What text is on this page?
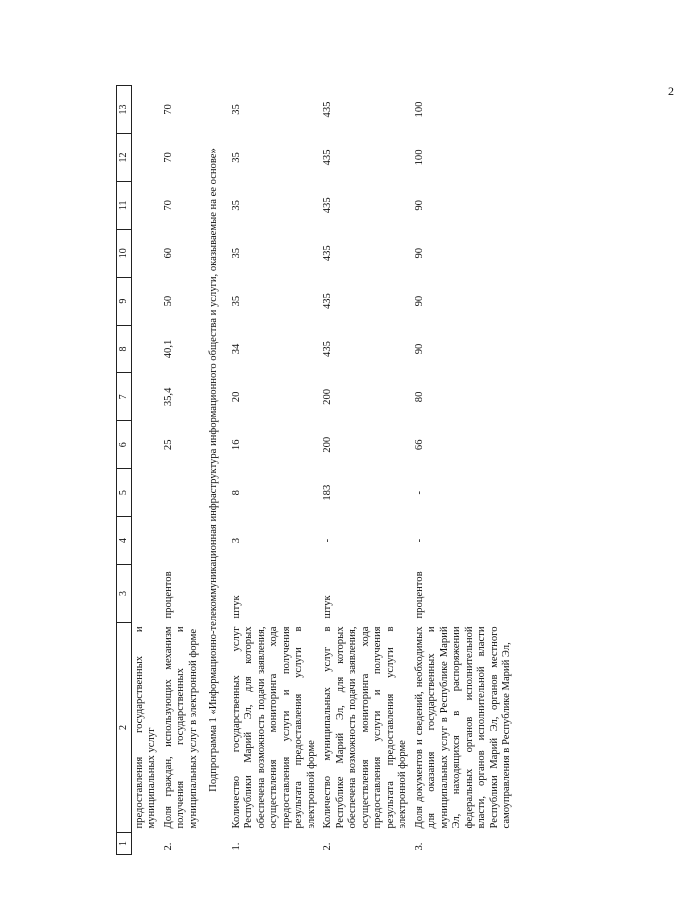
2
1	2	3	4	5	6	7	8	9	10	11	12	13
	предоставления государственных и муниципальных услуг											
2.	Доля граждан, использующих механизм получения государственных и муниципальных услуг в электронной форме	процентов			25	35,4	40,1	50	60	70	70	70
Подпрограмма 1 «Информационно-телекоммуникационная инфраструктура информационного общества и услуги, оказываемые на ее основе»												
1.	Количество государственных услуг Республики Марий Эл, для которых обеспечена возможность подачи заявления, осуществления мониторинга хода предоставления услуги и получения результата предоставления услуги в электронной форме	штук	3	8	16	20	34	35	35	35	35	35
2.	Количество муниципальных услуг в Республике Марий Эл, для которых обеспечена возможность подачи заявления, осуществления мониторинга хода предоставления услуги и получения результата предоставления услуги в электронной форме	штук	-	183	200	200	435	435	435	435	435	435
3.	Доля документов и сведений, необходимых для оказания государственных и муниципальных услуг в Республике Марий Эл, находящихся в распоряжении федеральных органов исполнительной власти, органов исполнительной власти Республики Марий Эл, органов местного самоуправления в Республике Марий Эл,	процентов	-	-	66	80	90	90	90	90	100	100
